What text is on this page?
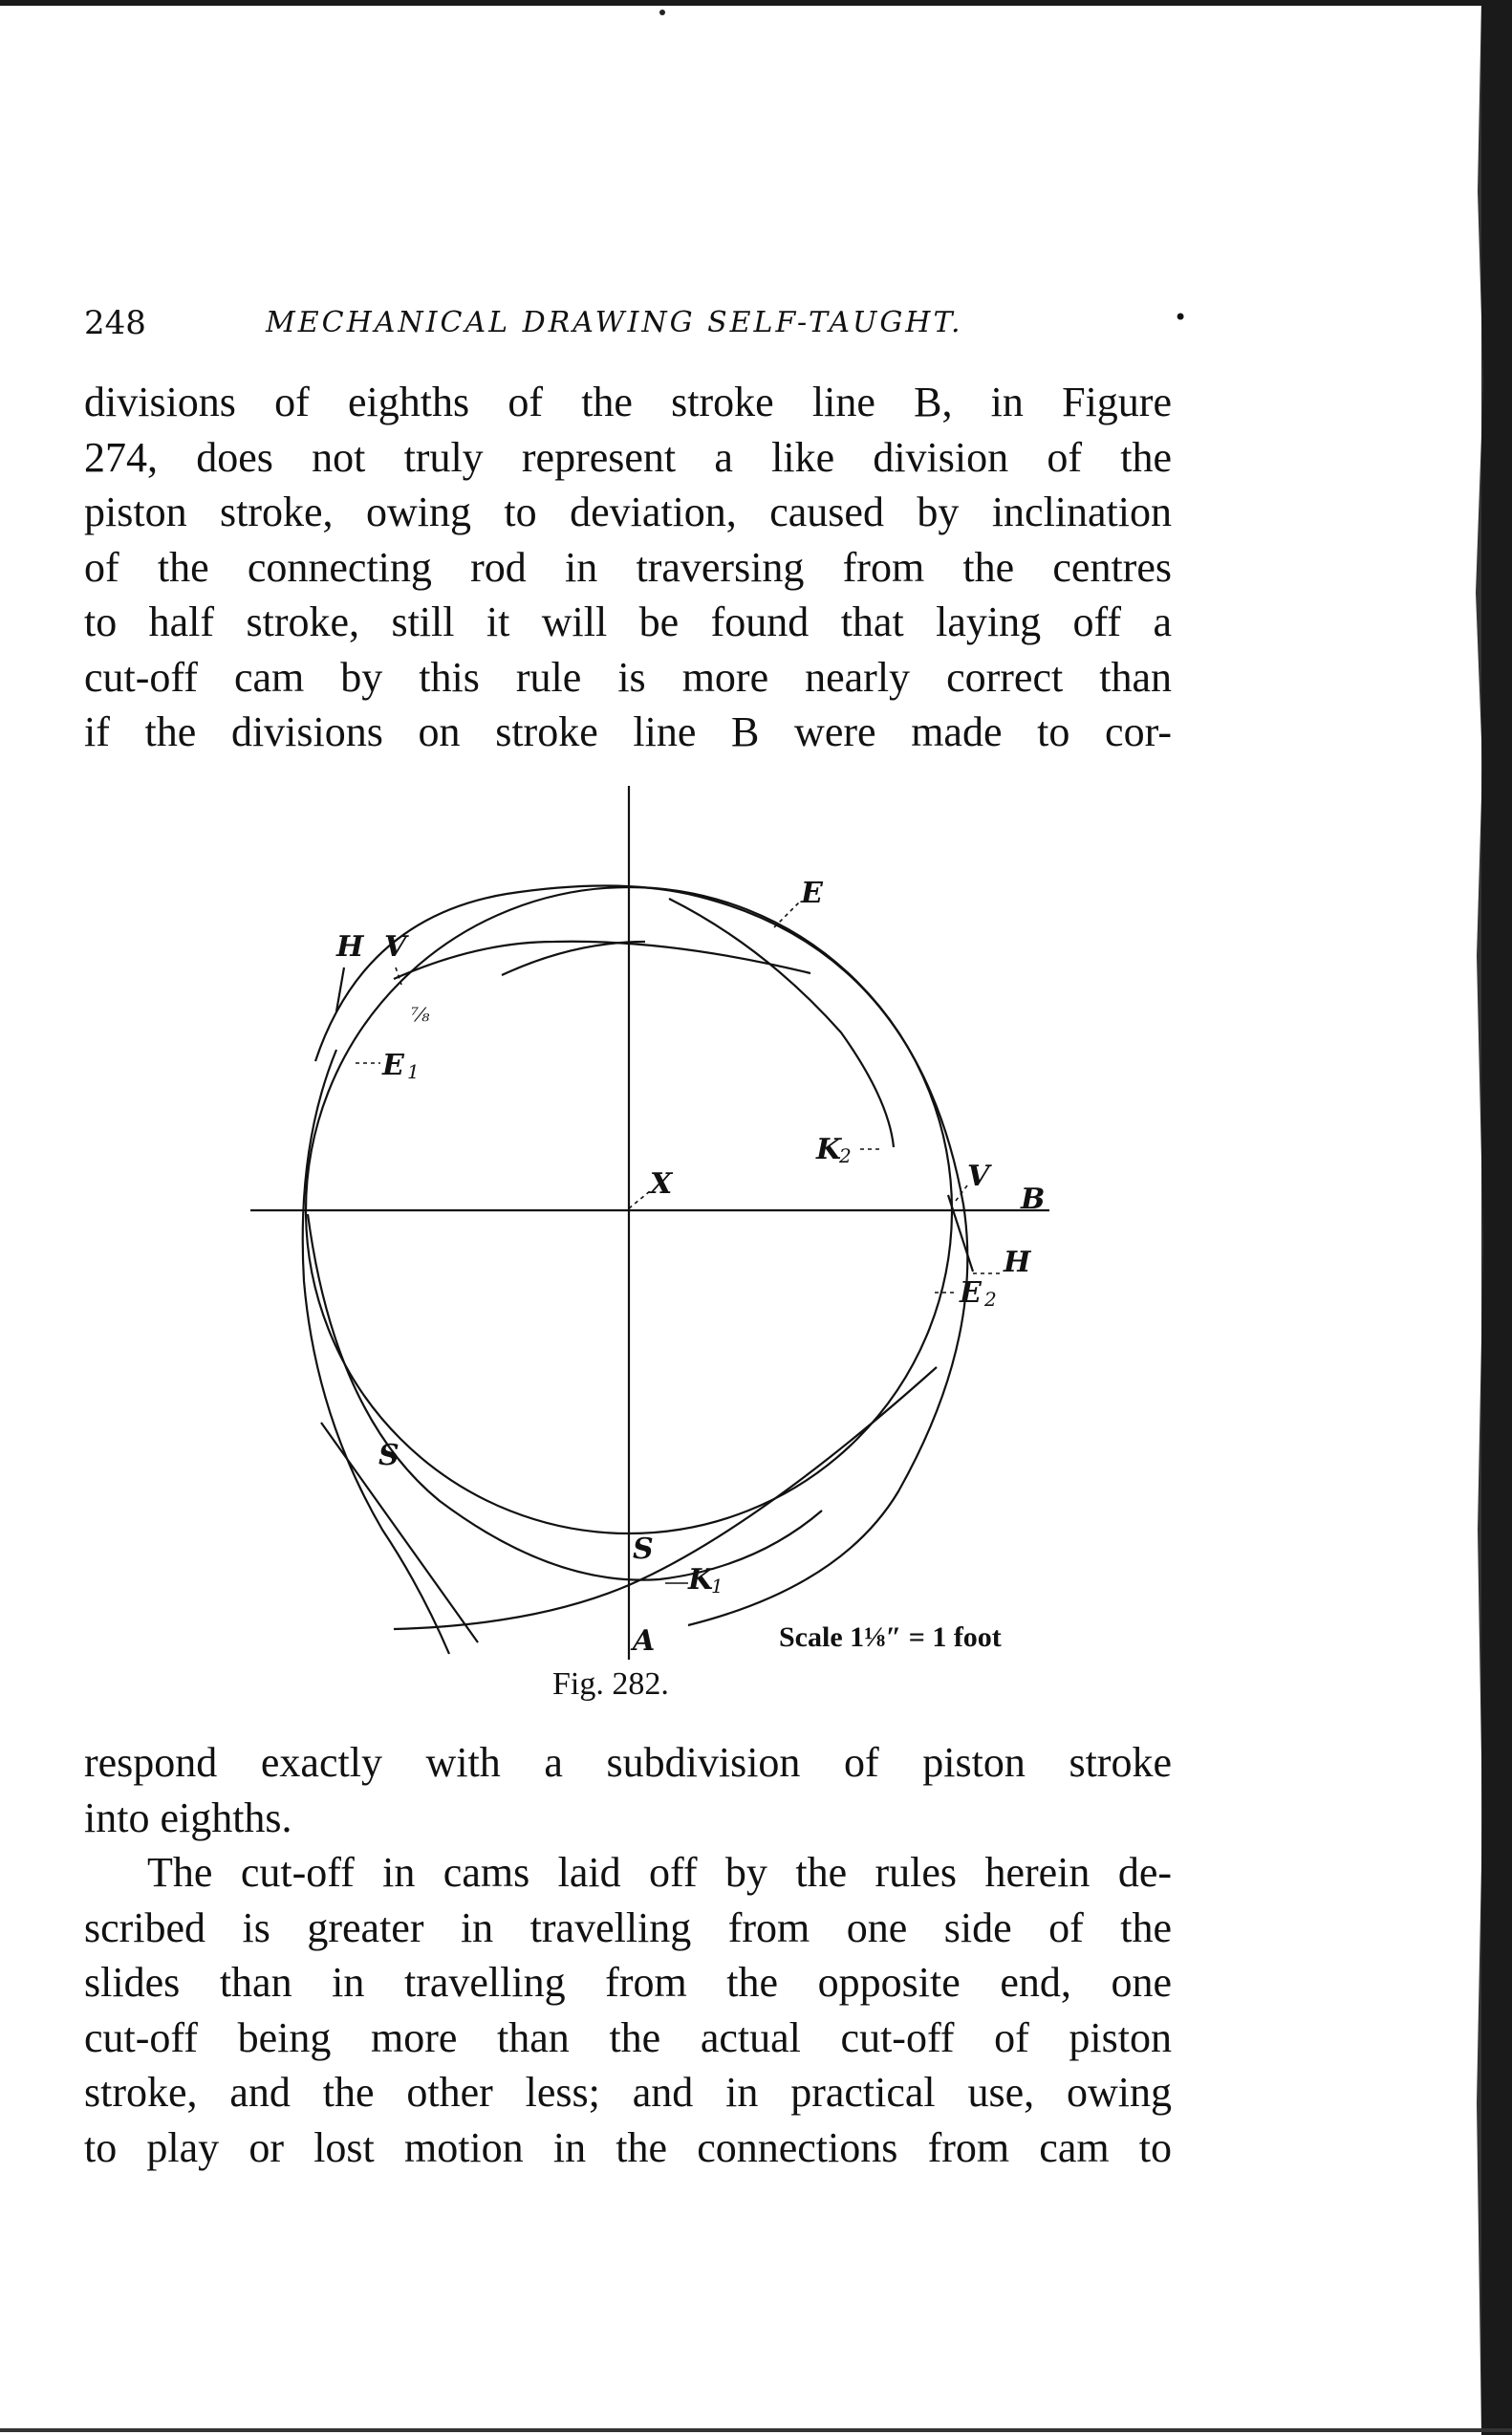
248	MECHANICAL DRAWING SELF-TAUGHT.	•
divisions of eighths of the stroke line B, in Figure
274, does not truly represent a like division of the
piston stroke, owing to deviation, caused by inclination
of the connecting rod in traversing from the centres
to half stroke, still it will be found that laying off a
cut-off cam by this rule is more nearly correct than
if the divisions on stroke line B were made to cor-
E
H V
⅞
E 1
X
K
2
V
B
H
E 2
S
S
K
1
A	Scale 1⅛″ = 1 foot
Fig. 282.
respond exactly with a subdivision of piston stroke
into eighths.
The cut-off in cams laid off by the rules herein de-
scribed is greater in travelling from one side of the
slides than in travelling from the opposite end, one
cut-off being more than the actual cut-off of piston
stroke, and the other less; and in practical use, owing
to play or lost motion in the connections from cam to
